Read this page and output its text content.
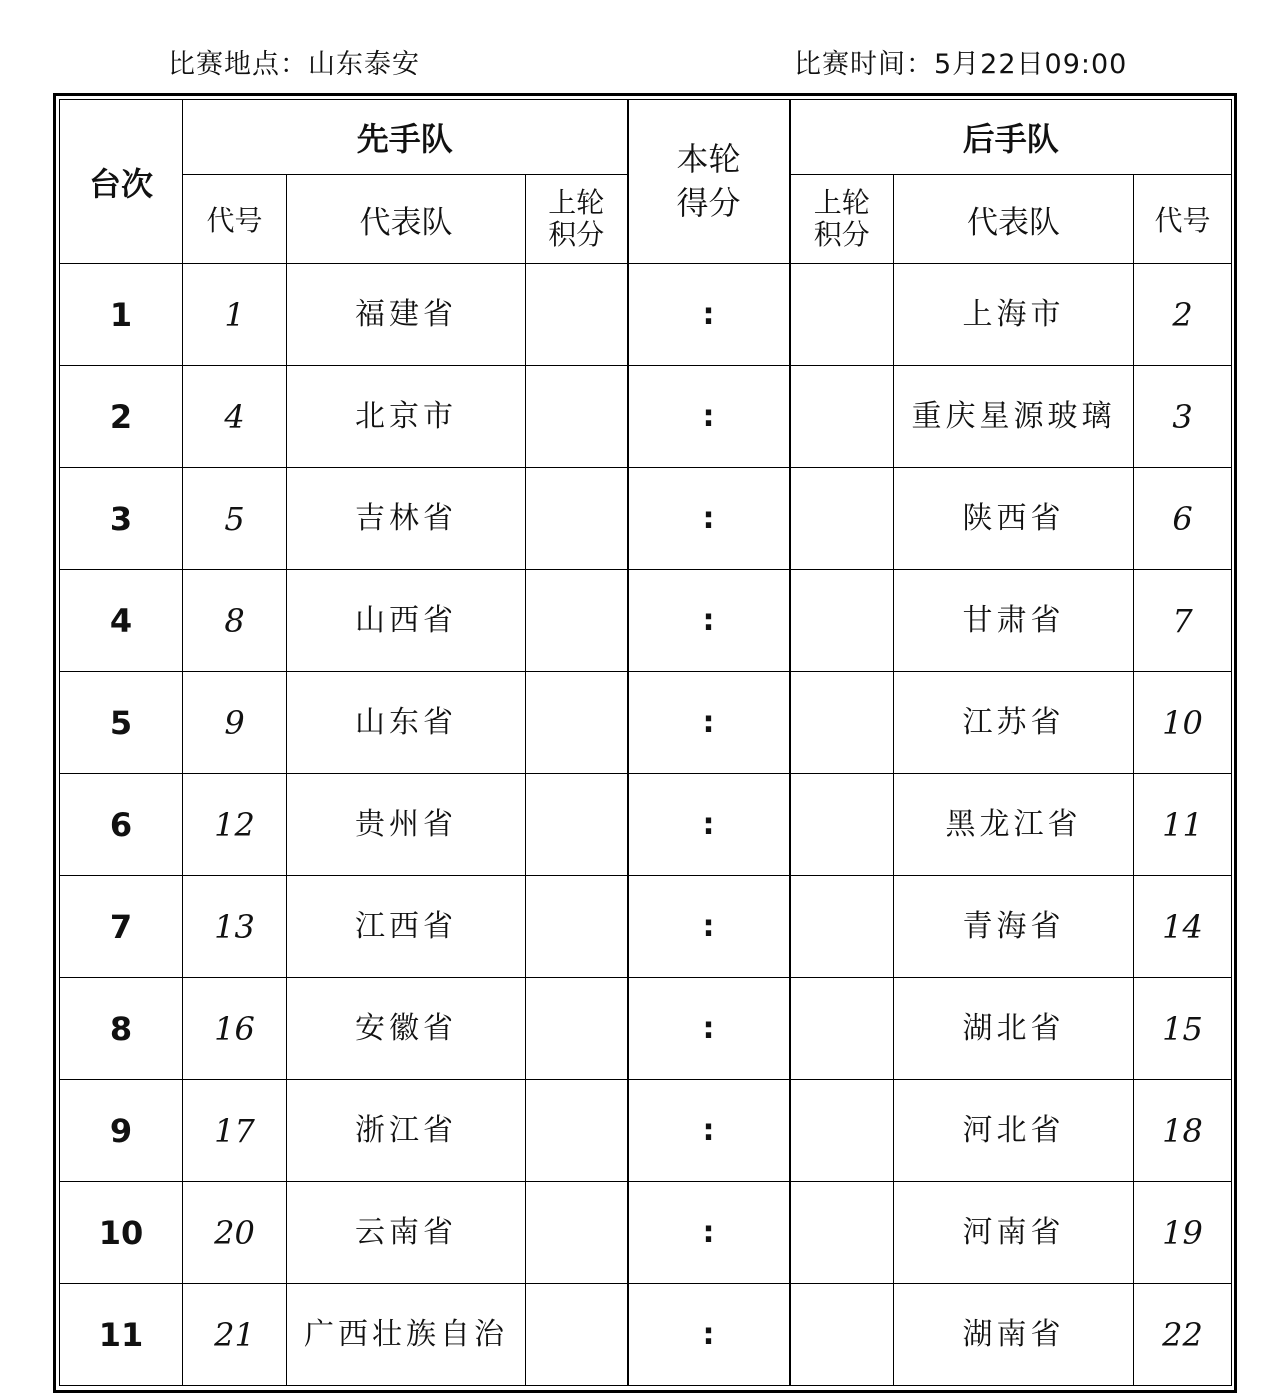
比赛地点：山东泰安	比赛时间：5月22日09:00
台次	先手队			本轮得分	后手队		
	代号	代表队	上轮积分		上轮积分	代表队	代号
1	1	福建省		:		上海市	2
2	4	北京市		:		重庆星源玻璃	3
3	5	吉林省		:		陕西省	6
4	8	山西省		:		甘肃省	7
5	9	山东省		:		江苏省	10
6	12	贵州省		:		黑龙江省	11
7	13	江西省		:		青海省	14
8	16	安徽省		:		湖北省	15
9	17	浙江省		:		河北省	18
10	20	云南省		:		河南省	19
11	21	广西壮族自治		:		湖南省	22
